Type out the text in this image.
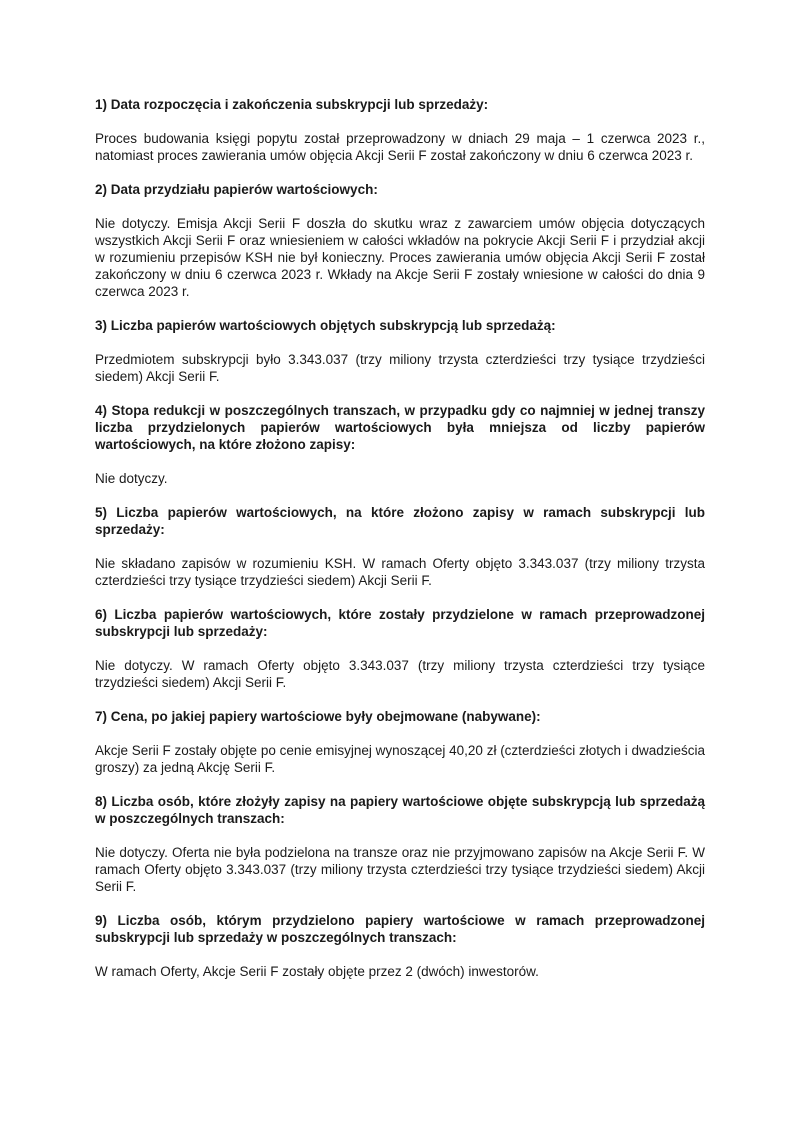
1) Data rozpoczęcia i zakończenia subskrypcji lub sprzedaży:

Proces budowania księgi popytu został przeprowadzony w dniach 29 maja – 1 czerwca 2023 r., natomiast proces zawierania umów objęcia Akcji Serii F został zakończony w dniu 6 czerwca 2023 r.

2) Data przydziału papierów wartościowych:

Nie dotyczy. Emisja Akcji Serii F doszła do skutku wraz z zawarciem umów objęcia dotyczących wszystkich Akcji Serii F oraz wniesieniem w całości wkładów na pokrycie Akcji Serii F i przydział akcji w rozumieniu przepisów KSH nie był konieczny. Proces zawierania umów objęcia Akcji Serii F został zakończony w dniu 6 czerwca 2023 r. Wkłady na Akcje Serii F zostały wniesione w całości do dnia 9 czerwca 2023 r.

3) Liczba papierów wartościowych objętych subskrypcją lub sprzedażą:

Przedmiotem subskrypcji było 3.343.037 (trzy miliony trzysta czterdzieści trzy tysiące trzydzieści siedem) Akcji Serii F.

4) Stopa redukcji w poszczególnych transzach, w przypadku gdy co najmniej w jednej transzy liczba przydzielonych papierów wartościowych była mniejsza od liczby papierów wartościowych, na które złożono zapisy:

Nie dotyczy.

5) Liczba papierów wartościowych, na które złożono zapisy w ramach subskrypcji lub sprzedaży:

Nie składano zapisów w rozumieniu KSH. W ramach Oferty objęto 3.343.037 (trzy miliony trzysta czterdzieści trzy tysiące trzydzieści siedem) Akcji Serii F.

6) Liczba papierów wartościowych, które zostały przydzielone w ramach przeprowadzonej subskrypcji lub sprzedaży:

Nie dotyczy. W ramach Oferty objęto 3.343.037 (trzy miliony trzysta czterdzieści trzy tysiące trzydzieści siedem) Akcji Serii F.

7) Cena, po jakiej papiery wartościowe były obejmowane (nabywane):

Akcje Serii F zostały objęte po cenie emisyjnej wynoszącej 40,20 zł (czterdzieści złotych i dwadzieścia groszy) za jedną Akcję Serii F.

8) Liczba osób, które złożyły zapisy na papiery wartościowe objęte subskrypcją lub sprzedażą w poszczególnych transzach:

Nie dotyczy. Oferta nie była podzielona na transze oraz nie przyjmowano zapisów na Akcje Serii F. W ramach Oferty objęto 3.343.037 (trzy miliony trzysta czterdzieści trzy tysiące trzydzieści siedem) Akcji Serii F.

9) Liczba osób, którym przydzielono papiery wartościowe w ramach przeprowadzonej subskrypcji lub sprzedaży w poszczególnych transzach:

W ramach Oferty, Akcje Serii F zostały objęte przez 2 (dwóch) inwestorów.
